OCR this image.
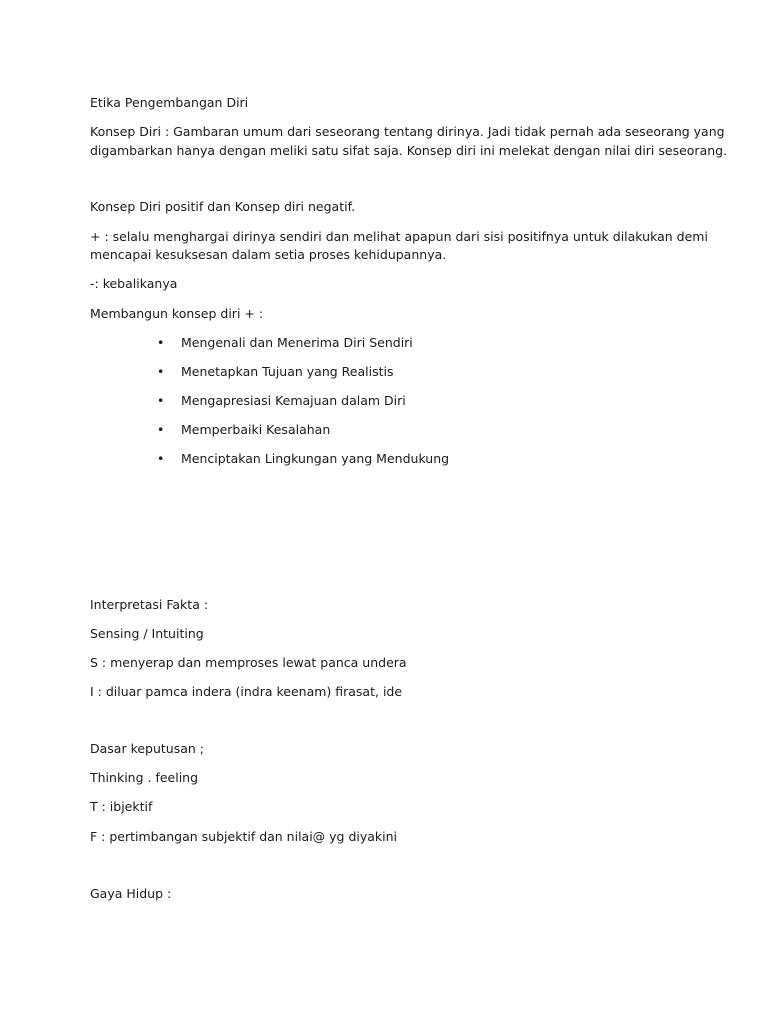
Etika Pengembangan Diri
Konsep Diri : Gambaran umum dari seseorang tentang dirinya. Jadi tidak pernah ada seseorang yang
digambarkan hanya dengan meliki satu sifat saja. Konsep diri ini melekat dengan nilai diri seseorang.
Konsep Diri positif dan Konsep diri negatif.
+ : selalu menghargai dirinya sendiri dan melihat apapun dari sisi positifnya untuk dilakukan demi
mencapai kesuksesan dalam setia proses kehidupannya.
-: kebalikanya
Membangun konsep diri + :
• Mengenali dan Menerima Diri Sendiri
• Menetapkan Tujuan yang Realistis
• Mengapresiasi Kemajuan dalam Diri
• Memperbaiki Kesalahan
• Menciptakan Lingkungan yang Mendukung
Interpretasi Fakta :
Sensing / Intuiting
S : menyerap dan memproses lewat panca undera
I : diluar pamca indera (indra keenam) firasat, ide
Dasar keputusan ;
Thinking . feeling
T : ibjektif
F : pertimbangan subjektif dan nilai@ yg diyakini
Gaya Hidup :
